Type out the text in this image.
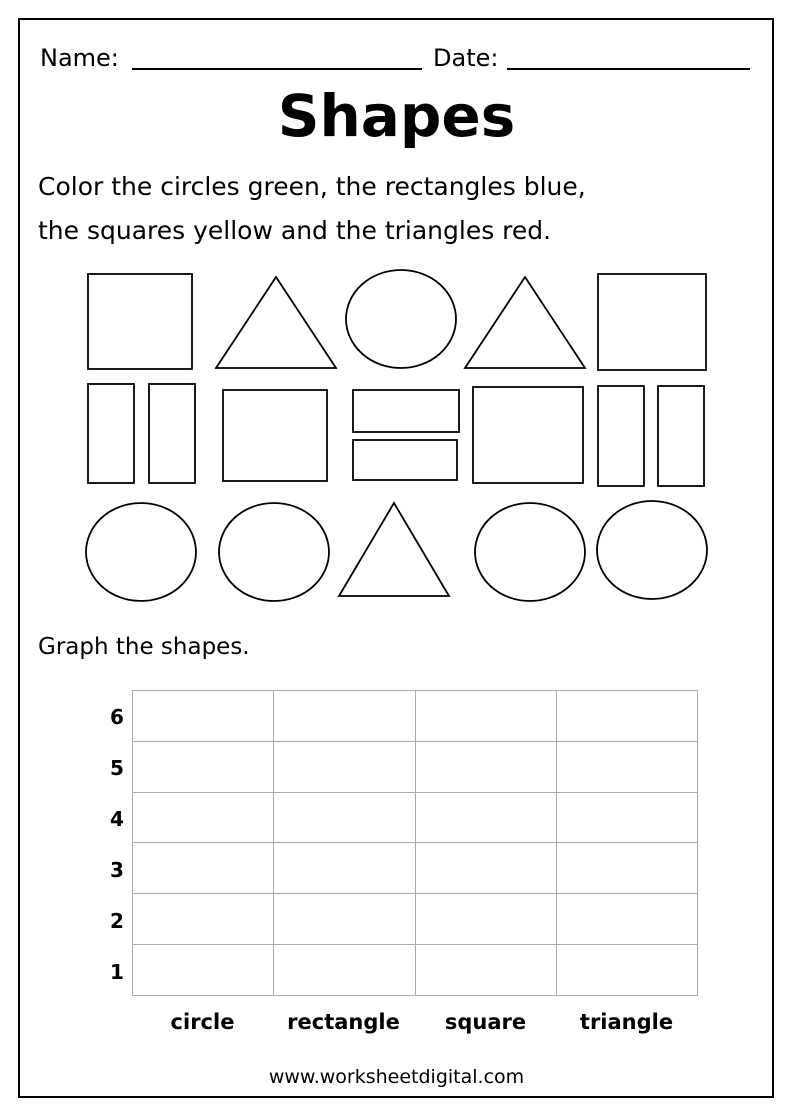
Name:	Date:
Shapes
Color the circles green, the rectangles blue,
the squares yellow and the triangles red.
Graph the shapes.
6
5
4
3
2
1
circle	rectangle	square	triangle
www.worksheetdigital.com
